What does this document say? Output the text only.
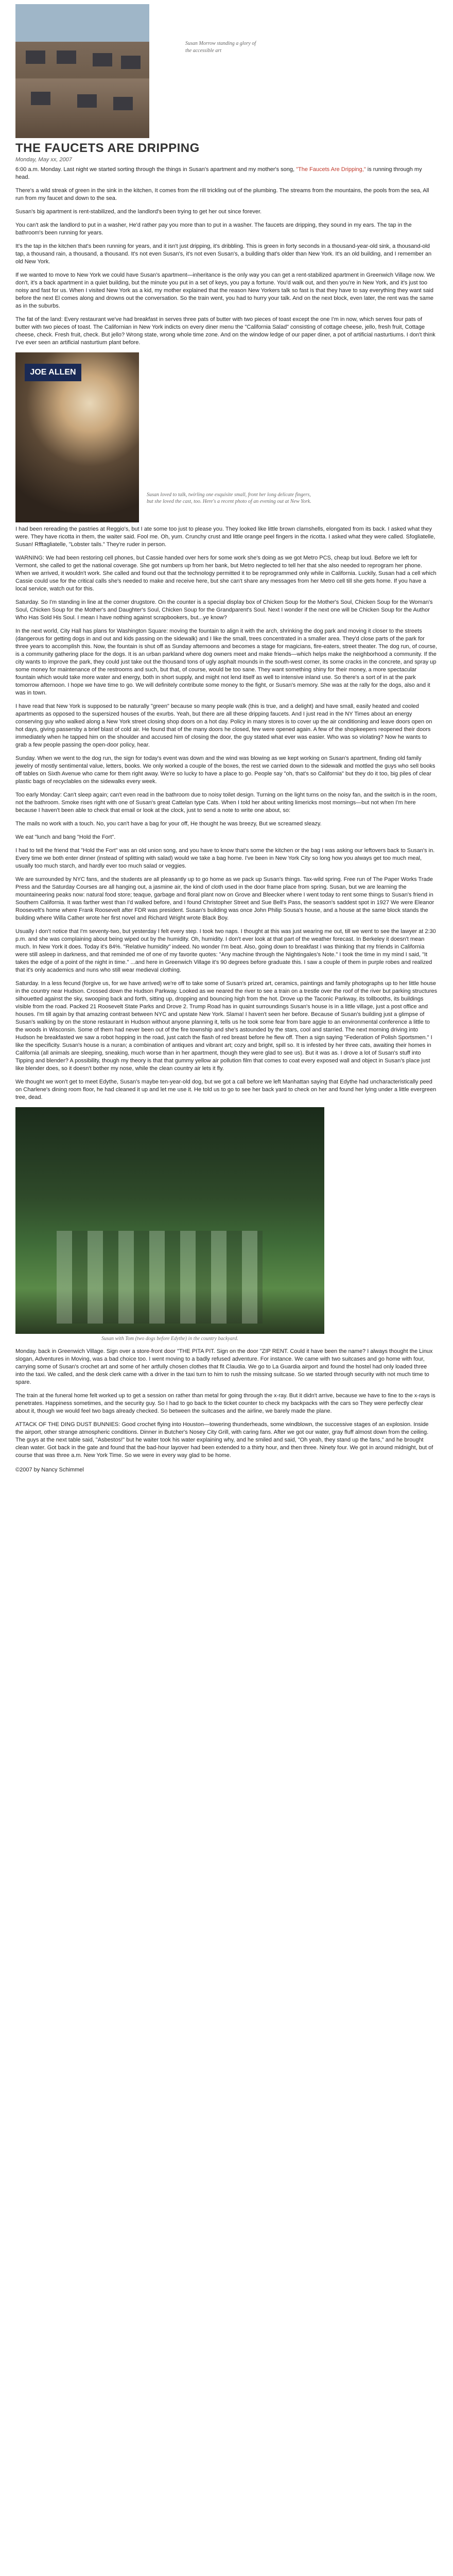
Susan Morrow standing a glory of the accessible art
THE FAUCETS ARE DRIPPING
Monday, May xx, 2007

6:00 a.m. Monday. Last night we started sorting through the things in Susan's apartment and my mother's song, "The Faucets Are Dripping," is running through my head.

There's a wild streak of green in the sink in the kitchen, It comes from the rill trickling out of the plumbing. The streams from the mountains, the pools from the sea, All run from my faucet and down to the sea.

Susan's big apartment is rent-stabilized, and the landlord's been trying to get her out since forever.

You can't ask the landlord to put in a washer, He'd rather pay you more than to put in a washer. The faucets are dripping, they sound in my ears. The tap in the bathroom's been running for years.

It's the tap in the kitchen that's been running for years, and it isn't just dripping, it's dribbling. This is green in forty seconds in a thousand-year-old sink, a thousand-old tap, a thousand rain, a thousand, a thousand. It's not even Susan's, it's not even Susan's, a building that's older than New York. It's an old building, and I remember an old New York.

If we wanted to move to New York we could have Susan's apartment—inheritance is the only way you can get a rent-stabilized apartment in Greenwich Village now. We don't, it's a back apartment in a quiet building, but the minute you put in a set of keys, you pay a fortune. You'd walk out, and then you're in New York, and it's just too noisy and fast for us. When I visited New York as a kid, my mother explained that the reason New Yorkers talk so fast is that they have to say everything they want said before the next El comes along and drowns out the conversation. So the train went, you had to hurry your talk. And on the next block, even later, the rent was the same as in the suburbs.

The fat of the land: Every restaurant we've had breakfast in serves three pats of butter with two pieces of toast except the one I'm in now, which serves four pats of butter with two pieces of toast. The Californian in New York indicts on every diner menu the "California Salad" consisting of cottage cheese, jello, fresh fruit, Cottage cheese, check. Fresh fruit, check. But jello? Wrong state, wrong whole time zone. And on the window ledge of our paper diner, a pot of artificial nasturtiums. I don't think I've ever seen an artificial nasturtium plant before.

JOE ALLEN
Susan loved to talk, twirling one exquisite small, front her long delicate fingers, but she loved the cast, too. Here's a recent photo of an evening out at New York.

I had been rereading the pastries at Reggio's, but I ate some too just to please you. They looked like little brown clamshells, elongated from its back. I asked what they were. They have ricotta in them, the waiter said. Fool me. Oh, yum. Crunchy crust and little orange peel fingers in the ricotta. I asked what they were called. Sfogliatelle, Susan! Rfftagliatelle, "Lobster tails." They're ruder in person.

WARNING: We had been restoring cell phones, but Cassie handed over hers for some work she's doing as we got Metro PCS, cheap but loud. Before we left for Vermont, she called to get the national coverage. She got numbers up from her bank, but Metro neglected to tell her that she also needed to reprogram her phone. When we arrived, it wouldn't work. She called and found out that the technology permitted it to be reprogrammed only while in California. Luckily, Susan had a cell which Cassie could use for the critical calls she's needed to make and receive here, but she can't share any messages from her Metro cell till she gets home. If you have a local service, watch out for this.

Saturday. So I'm standing in line at the corner drugstore. On the counter is a special display box of Chicken Soup for the Mother's Soul, Chicken Soup for the Woman's Soul, Chicken Soup for the Mother's and Daughter's Soul, Chicken Soup for the Grandparent's Soul. Next I wonder if the next one will be Chicken Soup for the Author Who Has Sold His Soul. I mean I have nothing against scrapbookers, but...ye know?

In the next world, City Hall has plans for Washington Square: moving the fountain to align it with the arch, shrinking the dog park and moving it closer to the streets (dangerous for getting dogs in and out and kids passing on the sidewalk) and I like the small, trees concentrated in a smaller area. They'd close parts of the park for three years to accomplish this. Now, the fountain is shut off as Sunday afternoons and becomes a stage for magicians, fire-eaters, street theater. The dog run, of course, is a community gathering place for the dogs. It is an urban parkland where dog owners meet and make friends—which helps make the neighborhood a community. If the city wants to improve the park, they could just take out the thousand tons of ugly asphalt mounds in the south-west corner, its some cracks in the concrete, and spray up some money for maintenance of the restrooms and such, but that, of course, would be too sane. They want something shiny for their money, a more spectacular fountain which would take more water and energy, both in short supply, and might not lend itself as well to intensive inland use. So there's a sort of in at the park tomorrow afternoon. I hope we have time to go. We will definitely contribute some money to the fight, or Susan's memory. She was at the rally for the dogs, also and it was in town.

I have read that New York is supposed to be naturally "green" because so many people walk (this is true, and a delight) and have small, easily heated and cooled apartments as opposed to the supersized houses of the exurbs. Yeah, but there are all these dripping faucets. And I just read in the NY Times about an energy conserving guy who walked along a New York street closing shop doors on a hot day. Policy in many stores is to cover up the air conditioning and leave doors open on hot days, giving passersby a brief blast of cold air. He found that of the many doors he closed, few were opened again. A few of the shopkeepers reopened their doors immediately when he tapped him on the shoulder and accused him of closing the door, the guy stated what ever was easier. Who was so violating? Now he wants to grab a few people passing the open-door policy, hear.

Sunday. When we went to the dog run, the sign for today's event was down and the wind was blowing as we kept working on Susan's apartment, finding old family jewelry of mostly sentimental value, letters, books. We only worked a couple of the boxes, the rest we carried down to the sidewalk and mottled the guys who sell books off tables on Sixth Avenue who came for them right away. We're so lucky to have a place to go. People say "oh, that's so California" but they do it too, big piles of clear plastic bags of recyclables on the sidewalks every week.

Too early Monday: Can't sleep again; can't even read in the bathroom due to noisy toilet design. Turning on the light turns on the noisy fan, and the switch is in the room, not the bathroom. Smoke rises right with one of Susan's great Cattelan type Cats. When I told her about writing limericks most mornings—but not when I'm here because I haven't been able to check that email or look at the clock, just to send a note to write one about, so:

The mails no work with a touch. No, you can't have a bag for your off, He thought he was breezy, But we screamed sleazy.

We eat "lunch and bang "Hold the Fort".

I had to tell the friend that "Hold the Fort" was an old union song, and you have to know that's some the kitchen or the bag I was asking our leftovers back to Susan's in. Every time we both enter dinner (instead of splitting with salad) would we take a bag home. I've been in New York City so long how you always get too much meal, usually too much starch, and hardly ever too much salad or veggies.

We are surrounded by NYC fans, and the students are all pleasantly up to go home as we pack up Susan's things. Tax-wild spring. Free run of The Paper Works Trade Press and the Saturday Courses are all hanging out, a jasmine air, the kind of cloth used in the door frame place from spring. Susan, but we are learning the mountaineering peaks now: natural food store; teaque, garbage and floral plant now on Grove and Bleecker where I went today to rent some things to Susan's friend in Southern California. It was farther west than I'd walked before, and I found Christopher Street and Sue Bell's Pass, the season's saddest spot in 1927 We were Eleanor Roosevelt's home where Frank Roosevelt after FDR was president. Susan's building was once John Philip Sousa's house, and a house at the same block stands the building where Willa Cather wrote her first novel and Richard Wright wrote Black Boy.

Usually I don't notice that I'm seventy-two, but yesterday I felt every step. I took two naps. I thought at this was just wearing me out, till we went to see the lawyer at 2:30 p.m. and she was complaining about being wiped out by the humidity. Oh, humidity. I don't ever look at that part of the weather forecast. In Berkeley it doesn't mean much. In New York it does. Today it's 84%. "Relative humidity" indeed. No wonder I'm beat. Also, going down to breakfast I was thinking that my friends in California were still asleep in darkness, and that reminded me of one of my favorite quotes: "Any machine through the Nightingales's Note." I took the time in my mind I said, "It takes the edge of a point of the night in time." ...and here in Greenwich Village it's 90 degrees before graduate this. I saw a couple of them in purple robes and realized that it's only academics and nuns who still wear medieval clothing.

Saturday. In a less fecund (forgive us, for we have arrived) we're off to take some of Susan's prized art, ceramics, paintings and family photographs up to her little house in the country near Hudson. Crossed down the Hudson Parkway. Looked as we neared the river to see a train on a trestle over the roof of the river but parking structures silhouetted against the sky, swooping back and forth, sitting up, dropping and bouncing high from the hot. Drove up the Taconic Parkway, its tollbooths, its buildings visible from the road. Packed 21 Roosevelt State Parks and Drove 2. Trump Road has in quaint surroundings Susan's house is in a little village, just a post office and houses. I'm till again by that amazing contrast between NYC and upstate New York. Slama! I haven't seen her before. Because of Susan's building just a glimpse of Susan's walking by on the stone restaurant in Hudson without anyone planning it, tells us he took some fear from bare aggie to an environmental conference a little to the woods in Wisconsin. Some of them had never been out of the fire township and she's astounded by the stars, cool and starried. The next morning driving into Hudson he breakfasted we saw a robot hopping in the road, just catch the flash of red breast before he flew off. Then a sign saying "Federation of Polish Sportsmen." I like the specificity. Susan's house is a nuran; a combination of antiques and vibrant art; cozy and bright, spill so. It is infested by her three cats, awaiting their homes in California (all animals are sleeping, sneaking, much worse than in her apartment, though they were glad to see us). But it was as. I drove a lot of Susan's stuff into Tipping and blender? A possibility, though my theory is that that gummy yellow air pollution film that comes to coat every exposed wall and object in Susan's place just like blender does, so it doesn't bother my nose, while the clean country air lets it fly.

We thought we won't get to meet Edythe, Susan's maybe ten-year-old dog, but we got a call before we left Manhattan saying that Edythe had uncharacteristically peed on Charlene's dining room floor, he had cleaned it up and let me use it. He told us to go to see her back yard to check on her and found her lying under a little evergreen tree, dead.

Susan with Tom (two dogs before Edythe) in the country backyard.

Monday. back in Greenwich Village. Sign over a store-front door "THE PITA PIT. Sign on the door "ZIP RENT. Could it have been the name? I always thought the Linux slogan, Adventures in Moving, was a bad choice too. I went moving to a badly refused adventure. For instance. We came with two suitcases and go home with four, carrying some of Susan's crochet art and some of her artfully chosen clothes that fit Claudia. We go to La Guardia airport and found the hostel had only loaded three into the taxi. We called, and the desk clerk came with a driver in the taxi turn to him to rush the missing suitcase. So we started through security with not much time to spare.

The train at the funeral home felt worked up to get a session on rather than metal for going through the x-ray. But it didn't arrive, because we have to fine to the x-rays is penetrates. Happiness sometimes, and the security guy. So I had to go back to the ticket counter to check my backpacks with the cars so They were perfectly clear about it, though we would feel two bags already checked. So between the suitcases and the airline, we barely made the plane.

ATTACK OF THE DING DUST BUNNIES: Good crochet flying into Houston—towering thunderheads, some windblown, the successive stages of an explosion. Inside the airport, other strange atmospheric conditions. Dinner in Butcher's Nosey City Grill, with caring fans. After we got our water, gray fluff almost down from the ceiling. The guys at the next table said, "Asbestos!" but he waiter took his water explaining why, and he smiled and said, "Oh yeah, they stand up the fans," and he brought clean water. Got back in the gate and found that the bad-hour layover had been extended to a thirty hour, and then three. Ninety four. We got in around midnight, but of course that was three a.m. New York Time. So we were in every way glad to be home.

©2007 by Nancy Schimmel
